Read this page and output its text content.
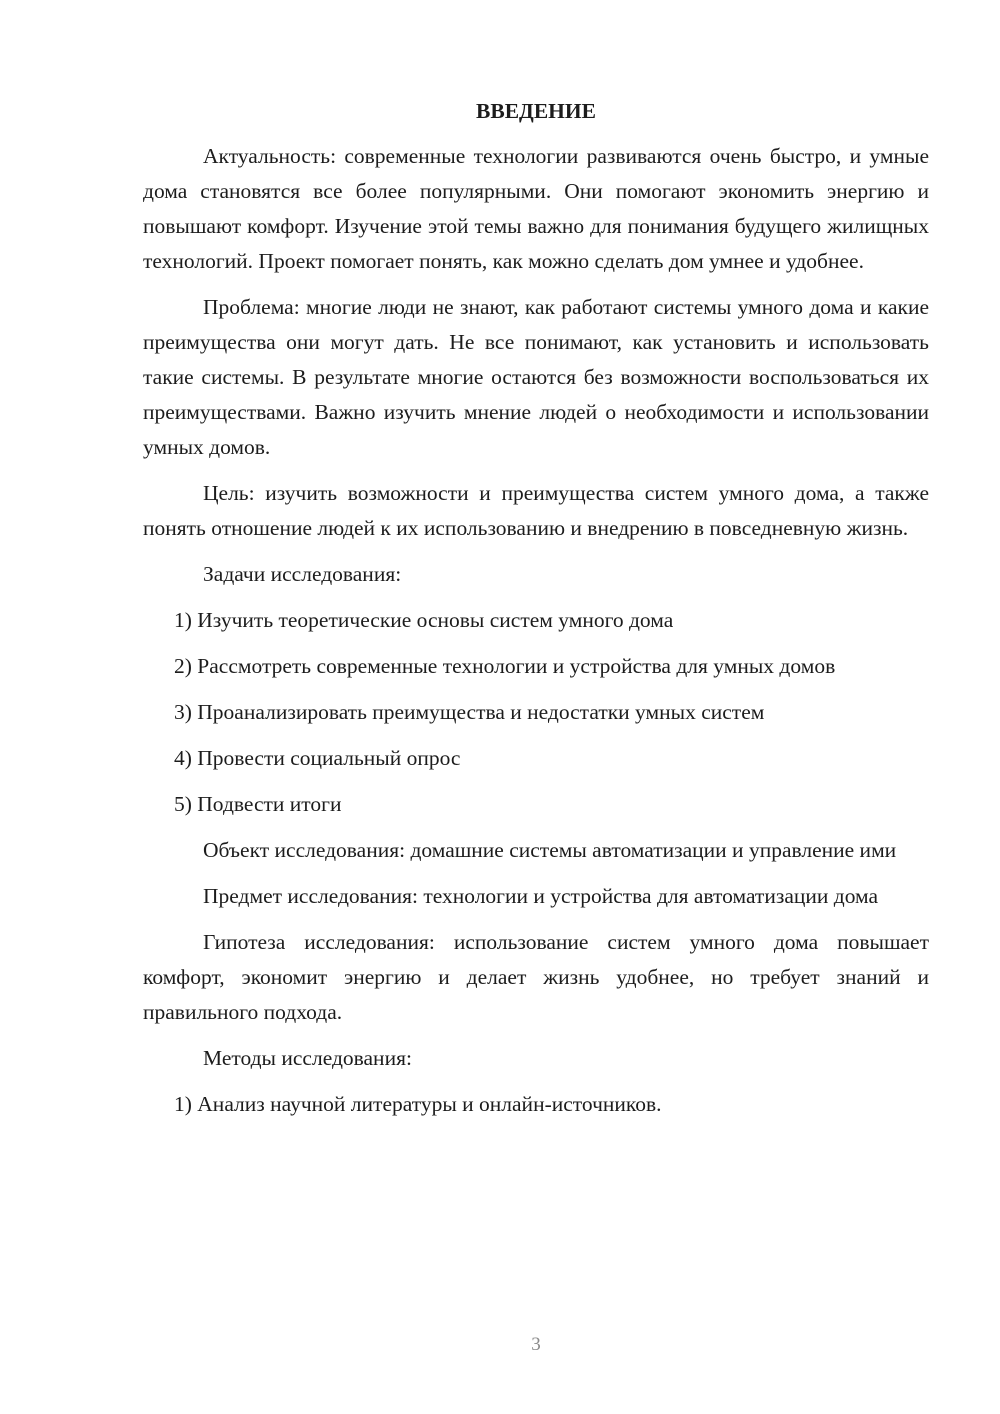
ВВЕДЕНИЕ

Актуальность: современные технологии развиваются очень быстро, и умные дома становятся все более популярными. Они помогают экономить энергию и повышают комфорт. Изучение этой темы важно для понимания будущего жилищных технологий. Проект помогает понять, как можно сделать дом умнее и удобнее.

Проблема: многие люди не знают, как работают системы умного дома и какие преимущества они могут дать. Не все понимают, как установить и использовать такие системы. В результате многие остаются без возможности воспользоваться их преимуществами. Важно изучить мнение людей о необходимости и использовании умных домов.

Цель: изучить возможности и преимущества систем умного дома, а также понять отношение людей к их использованию и внедрению в повседневную жизнь.

Задачи исследования:

1) Изучить теоретические основы систем умного дома

2) Рассмотреть современные технологии и устройства для умных домов

3) Проанализировать преимущества и недостатки умных систем

4) Провести социальный опрос

5) Подвести итоги

Объект исследования: домашние системы автоматизации и управление ими

Предмет исследования: технологии и устройства для автоматизации дома

Гипотеза исследования: использование систем умного дома повышает комфорт, экономит энергию и делает жизнь удобнее, но требует знаний и правильного подхода.

Методы исследования:

1) Анализ научной литературы и онлайн-источников.

3
